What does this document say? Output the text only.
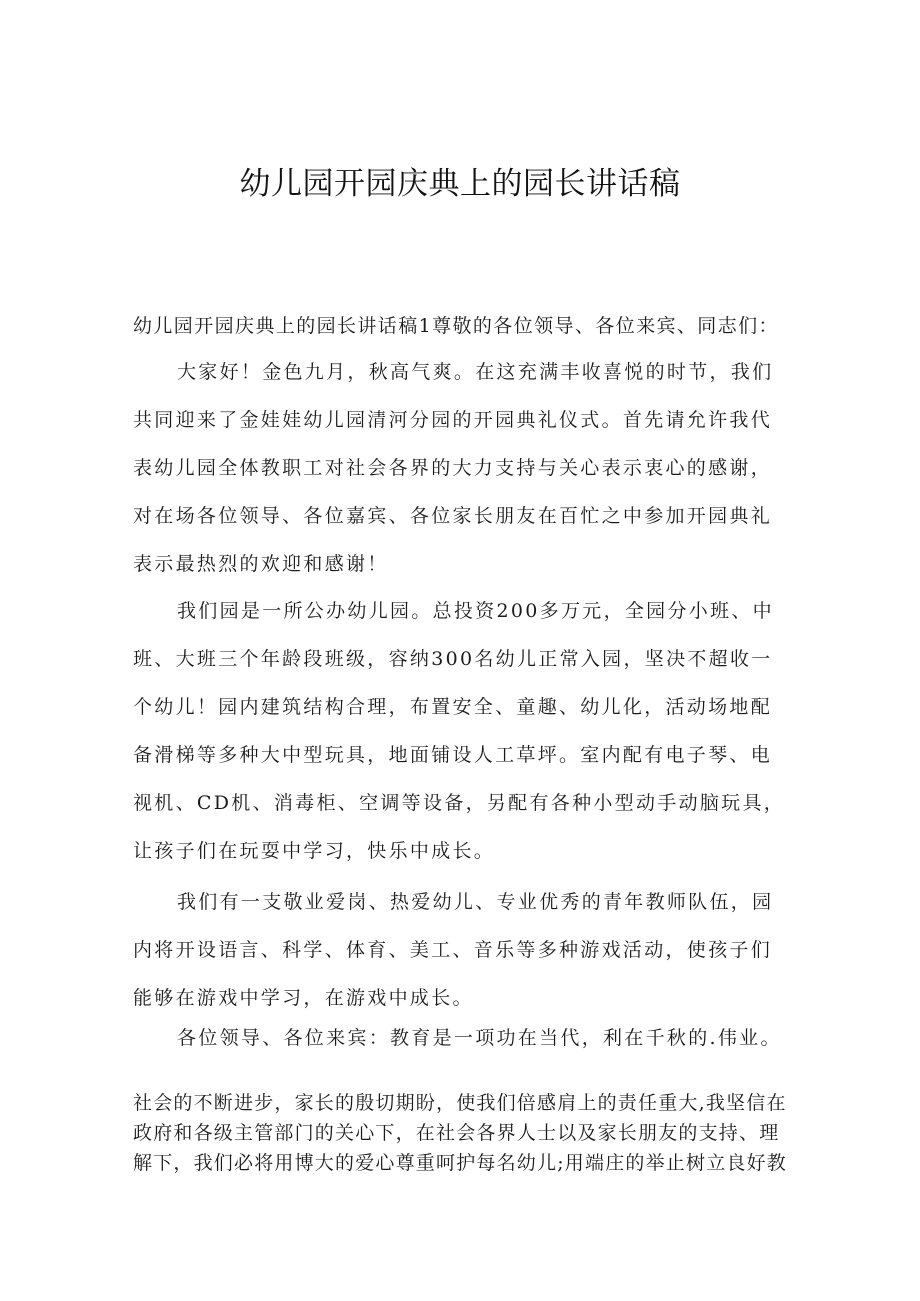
幼儿园开园庆典上的园长讲话稿

幼儿园开园庆典上的园长讲话稿1尊敬的各位领导、各位来宾、同志们：

大家好！金色九月，秋高气爽。在这充满丰收喜悦的时节，我们共同迎来了金娃娃幼儿园清河分园的开园典礼仪式。首先请允许我代表幼儿园全体教职工对社会各界的大力支持与关心表示衷心的感谢，对在场各位领导、各位嘉宾、各位家长朋友在百忙之中参加开园典礼表示最热烈的欢迎和感谢！

我们园是一所公办幼儿园。总投资200多万元，全园分小班、中班、大班三个年龄段班级，容纳300名幼儿正常入园，坚决不超收一个幼儿！园内建筑结构合理，布置安全、童趣、幼儿化，活动场地配备滑梯等多种大中型玩具，地面铺设人工草坪。室内配有电子琴、电视机、CD机、消毒柜、空调等设备，另配有各种小型动手动脑玩具，让孩子们在玩耍中学习，快乐中成长。

我们有一支敬业爱岗、热爱幼儿、专业优秀的青年教师队伍，园内将开设语言、科学、体育、美工、音乐等多种游戏活动，使孩子们能够在游戏中学习，在游戏中成长。

各位领导、各位来宾：教育是一项功在当代，利在千秋的.伟业。

社会的不断进步，家长的殷切期盼，使我们倍感肩上的责任重大,我坚信在政府和各级主管部门的关心下，在社会各界人士以及家长朋友的支持、理解下，我们必将用博大的爱心尊重呵护每名幼儿;用端庄的举止树立良好教
